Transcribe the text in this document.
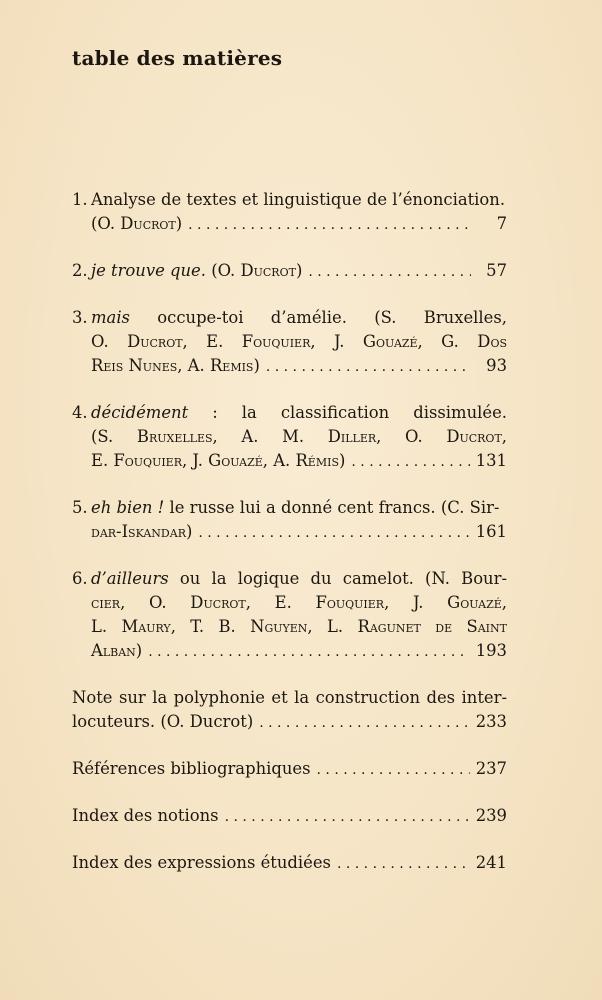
table des matières
1. Analyse de textes et linguistique de l’énonciation.
(O. Ducrot) . . .	7
2. je trouve que. (O. Ducrot) . . .	57
3. mais occupe-toi d’amélie. (S. Bruxelles,
O. Ducrot, E. Fouquier, J. Gouazé, G. Dos
Reis Nunes, A. Remis) . . .	93
4. décidément : la classification dissimulée.
(S. Bruxelles, A. M. Diller, O. Ducrot,
E. Fouquier, J. Gouazé, A. Rémis) . . .	131
5. eh bien ! le russe lui a donné cent francs. (C. Sir-
dar-Iskandar) . . .	161
6. d’ailleurs ou la logique du camelot. (N. Bour-
cier, O. Ducrot, E. Fouquier, J. Gouazé,
L. Maury, T. B. Nguyen, L. Ragunet de Saint
Alban) . . .	193
Note sur la polyphonie et la construction des inter-
locuteurs. (O. Ducrot) . . .	233
Références bibliographiques . . .	237
Index des notions . . .	239
Index des expressions étudiées . . .	241
